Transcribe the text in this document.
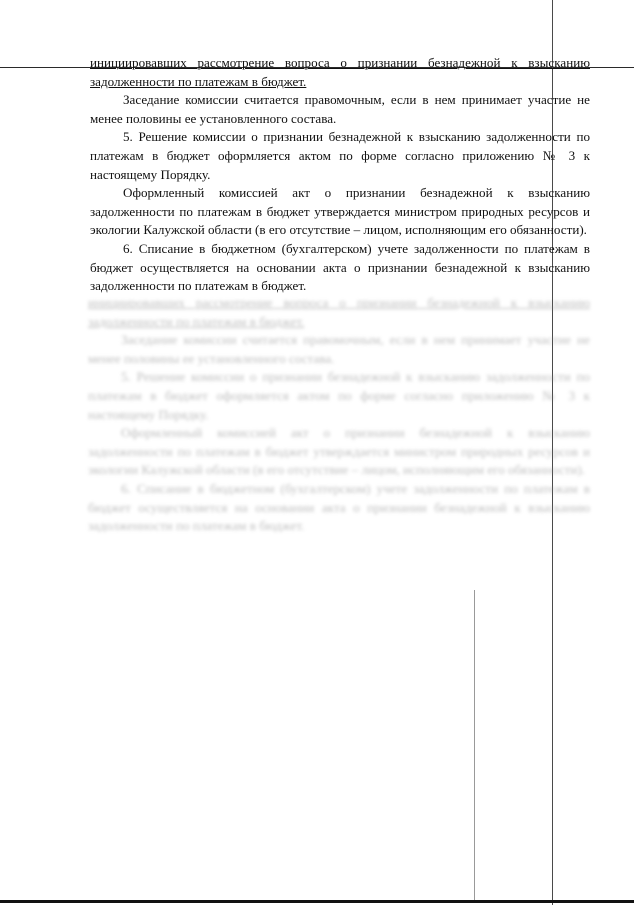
инициировавших рассмотрение вопроса о признании безнадежной к взысканию задолженности по платежам в бюджет.

Заседание комиссии считается правомочным, если в нем принимает участие не менее половины ее установленного состава.

5. Решение комиссии о признании безнадежной к взысканию задолженности по платежам в бюджет оформляется актом по форме согласно приложению № 3 к настоящему Порядку.

Оформленный комиссией акт о признании безнадежной к взысканию задолженности по платежам в бюджет утверждается министром природных ресурсов и экологии Калужской области (в его отсутствие – лицом, исполняющим его обязанности).

6. Списание в бюджетном (бухгалтерском) учете задолженности по платежам в бюджет осуществляется на основании акта о признании безнадежной к взысканию задолженности по платежам в бюджет.

инициировавших рассмотрение вопроса о признании безнадежной к взысканию задолженности по платежам в бюджет.

Заседание комиссии считается правомочным, если в нем принимает участие не менее половины ее установленного состава.

5. Решение комиссии о признании безнадежной к взысканию задолженности по платежам в бюджет оформляется актом по форме согласно приложению № 3 к настоящему Порядку.

Оформленный комиссией акт о признании безнадежной к взысканию задолженности по платежам в бюджет утверждается министром природных ресурсов и экологии Калужской области (в его отсутствие – лицом, исполняющим его обязанности).

6. Списание в бюджетном (бухгалтерском) учете задолженности по платежам в бюджет осуществляется на основании акта о признании безнадежной к взысканию задолженности по платежам в бюджет.
